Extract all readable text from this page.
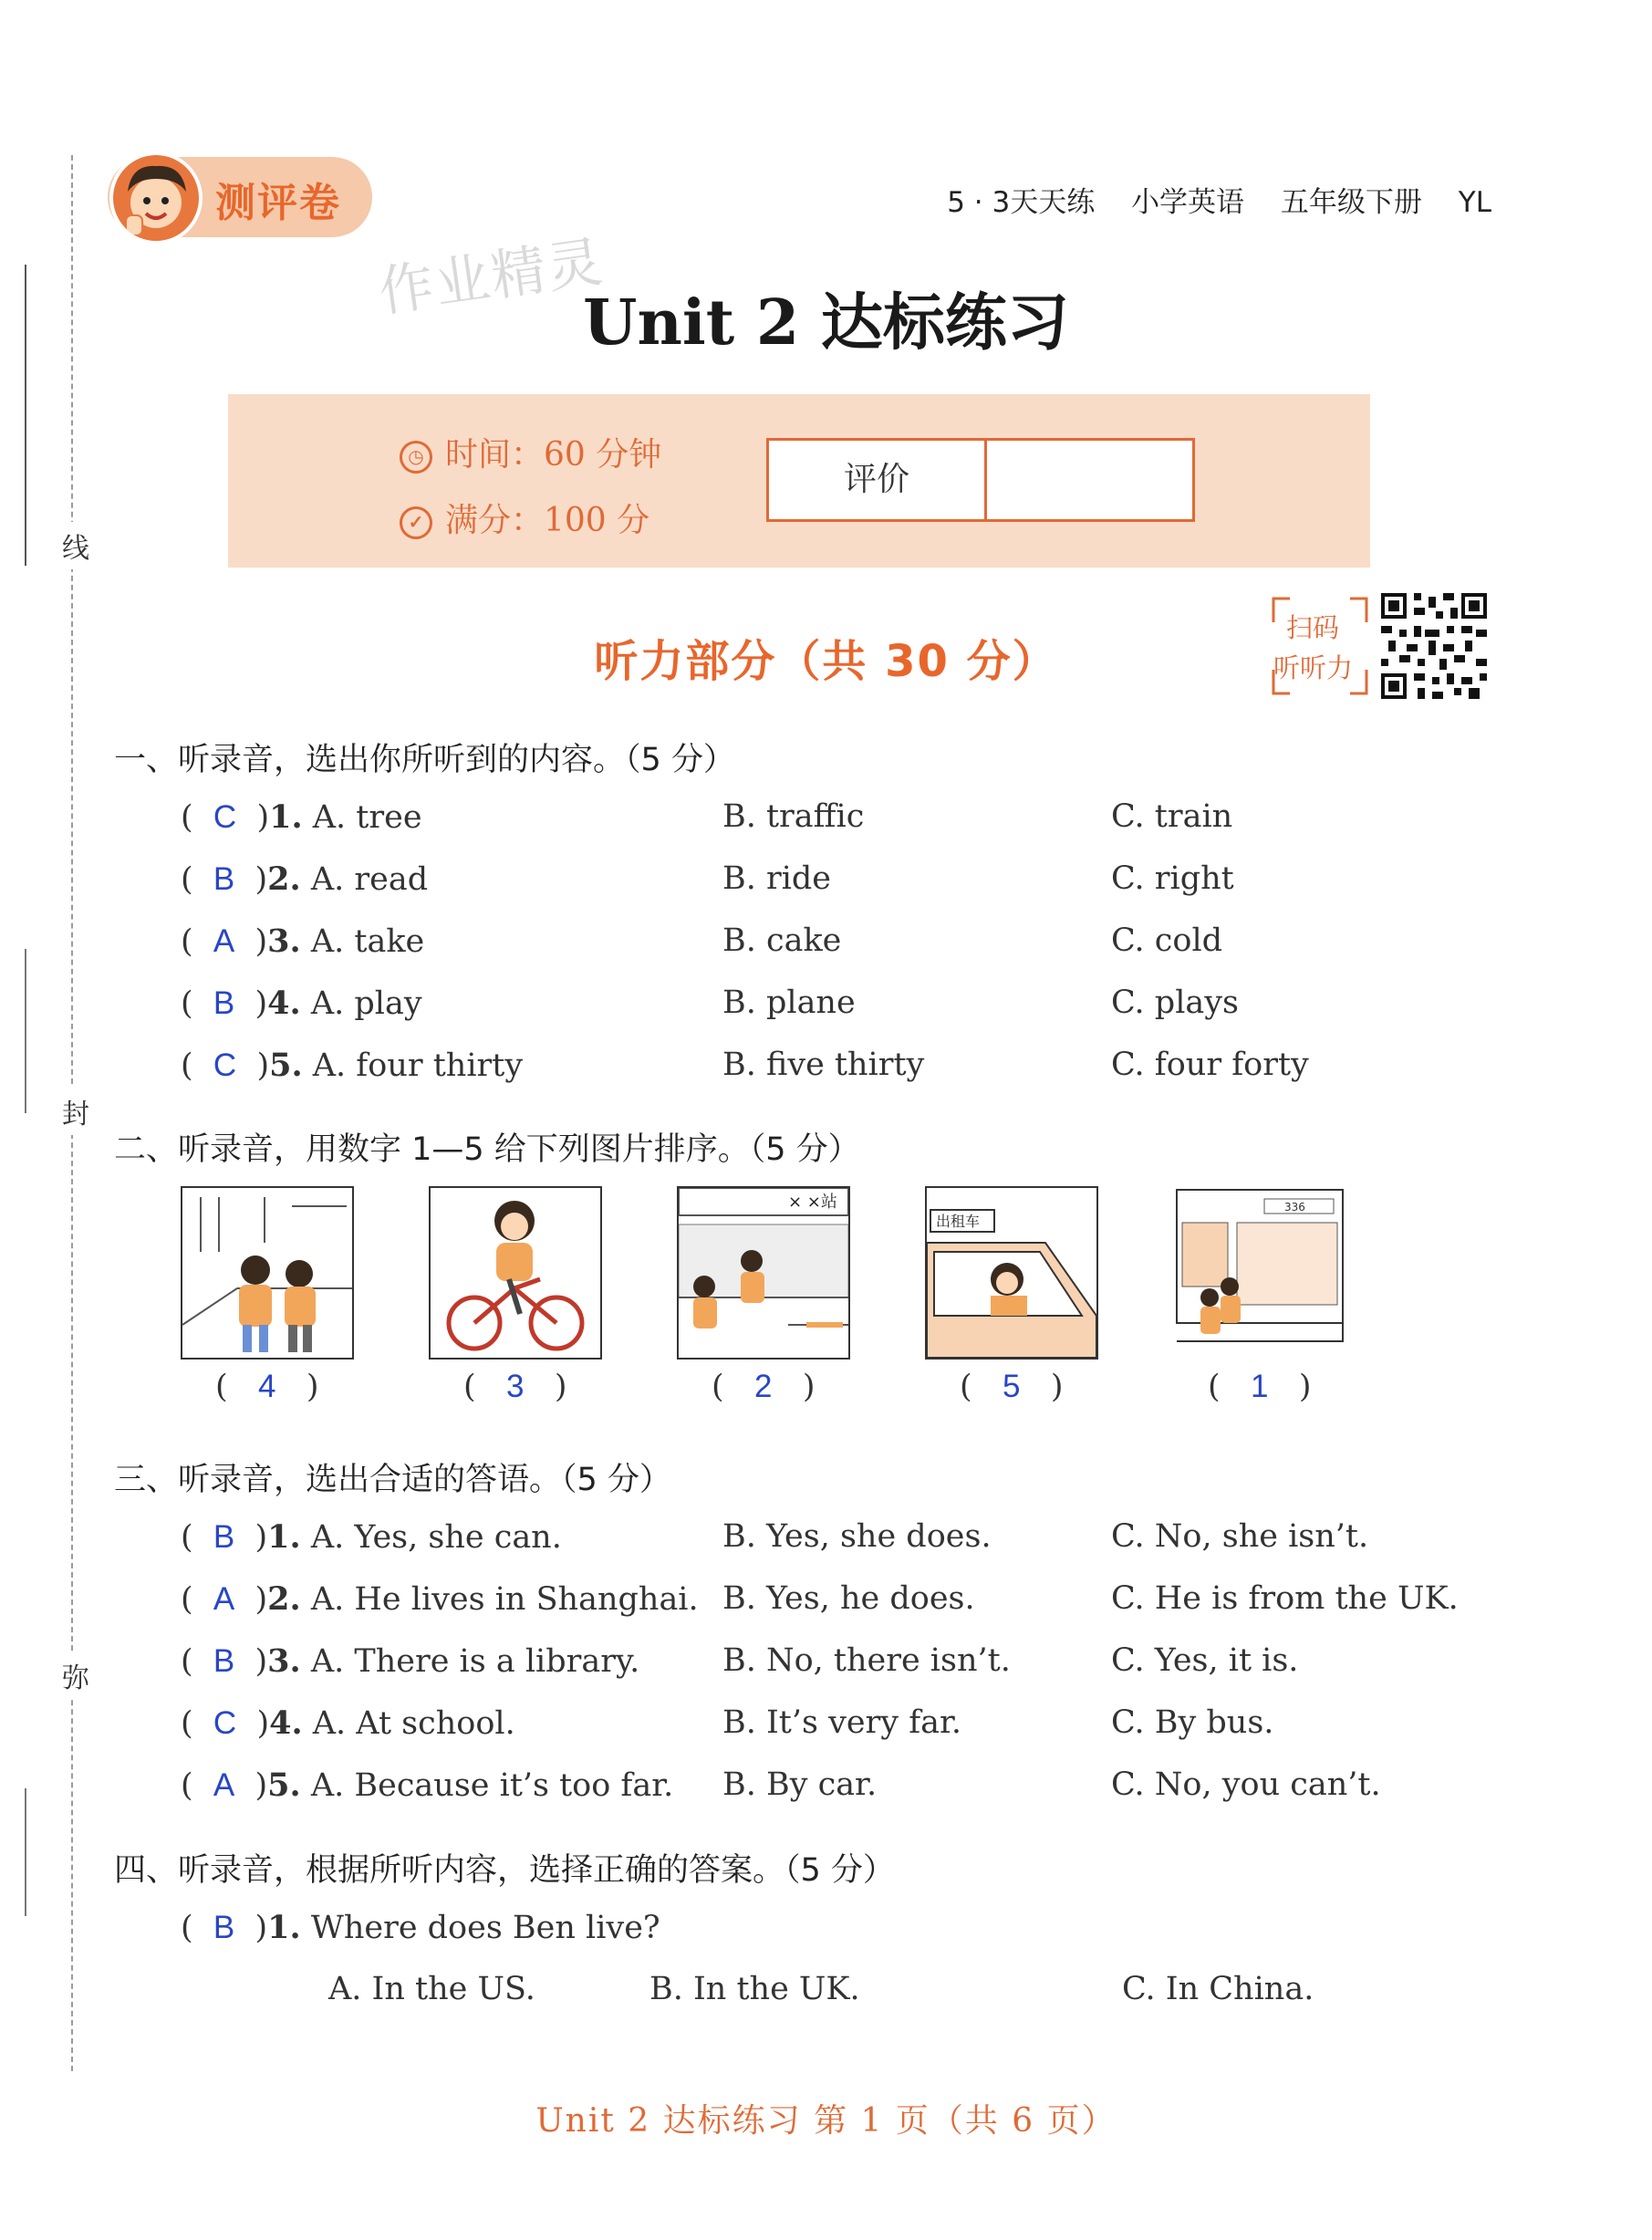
线
封
弥
测评卷	5 · 3天天练 小学英语 五年级下册 YL
作业精灵
Unit 2 达标练习
◷ 时间：60 分钟
✓ 满分：100 分
评价
听力部分（共 30 分）
扫码
听听力
一、听录音，选出你所听到的内容。（5 分）
(  C  )1. A. tree	B. traffic	C. train
(  B  )2. A. read	B. ride	C. right
(  A  )3. A. take	B. cake	C. cold
(  B  )4. A. play	B. plane	C. plays
(  C  )5. A. four thirty	B. five thirty	C. four forty
二、听录音，用数字 1—5 给下列图片排序。（5 分）
× ×站
出租车
336
(   4   )	(   3   )	(   2   )	(   5   )	(   1   )
三、听录音，选出合适的答语。（5 分）
(  B  )1. A. Yes, she can.	B. Yes, she does.	C. No, she isn’t.
(  A  )2. A. He lives in Shanghai. B. Yes, he does.	C. He is from the UK.
(  B  )3. A. There is a library.	B. No, there isn’t.	C. Yes, it is.
(  C  )4. A. At school.	B. It’s very far.	C. By bus.
(  A  )5. A. Because it’s too far. B. By car.	C. No, you can’t.
四、听录音，根据所听内容，选择正确的答案。（5 分）
(  B  )1. Where does Ben live?
A. In the US.	B. In the UK.	C. In China.
Unit 2 达标练习 第 1 页（共 6 页）
